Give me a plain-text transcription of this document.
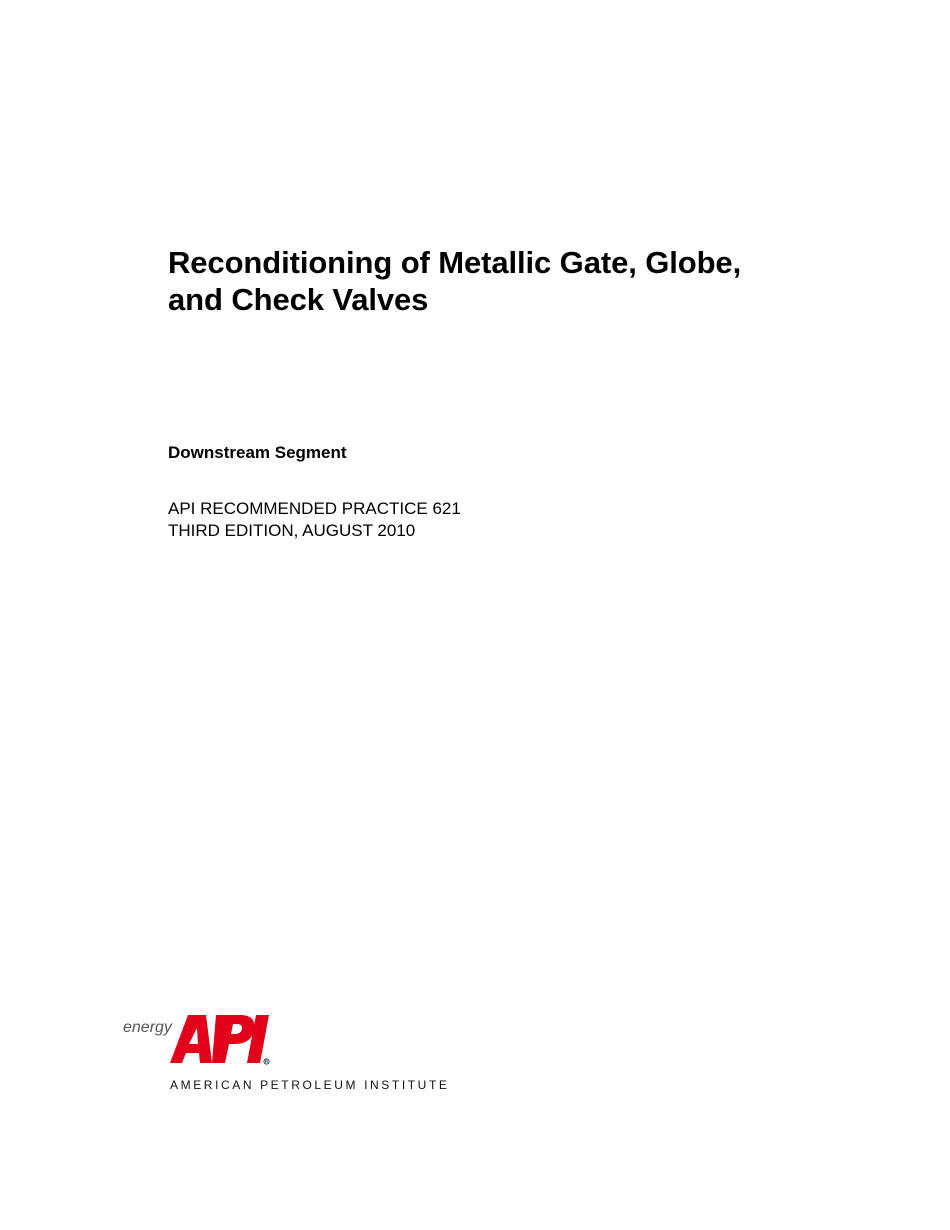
Reconditioning of Metallic Gate, Globe,
and Check Valves

Downstream Segment

API RECOMMENDED PRACTICE 621
THIRD EDITION, AUGUST 2010
energy
AMERICAN PETROLEUM INSTITUTE
